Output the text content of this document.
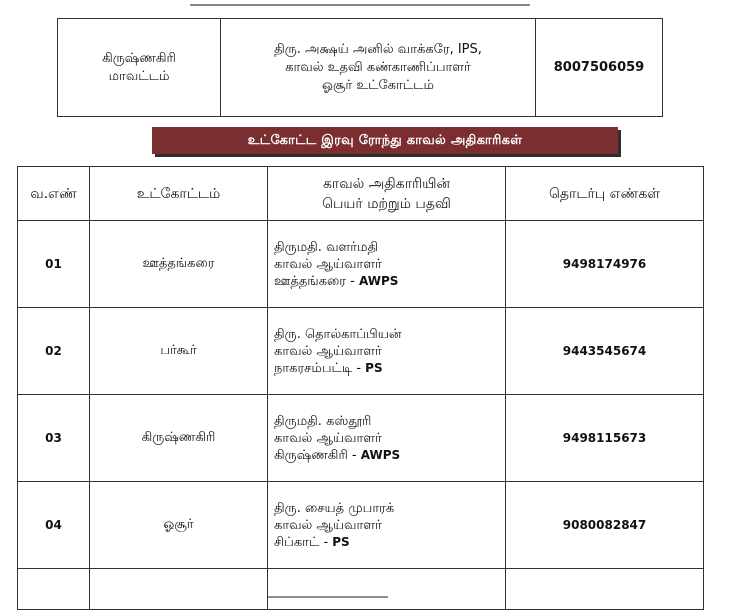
கிருஷ்ணகிரி
மாவட்டம்

திரு. அக்ஷய் அனில் வாக்கரே, IPS,
காவல் உதவி கண்காணிப்பாளர்
ஓசூர் உட்கோட்டம்
	8007506059
உட்கோட்ட இரவு ரோந்து காவல் அதிகாரிகள்
வ.எண்	உட்கோட்டம்	காவல் அதிகாரியின்
பெயர் மற்றும் பதவி	தொடர்பு எண்கள்
01	ஊத்தங்கரை	திருமதி. வளர்மதி
காவல் ஆய்வாளர்
ஊத்தங்கரை - AWPS	9498174976
02	பர்கூர்	திரு. தொல்காப்பியன்
காவல் ஆய்வாளர்
நாகரசம்பட்டி - PS	9443545674
03	கிருஷ்ணகிரி	திருமதி. கஸ்தூரி
காவல் ஆய்வாளர்
கிருஷ்ணகிரி - AWPS	9498115673
04	ஓசூர்	திரு. சையத் முபாரக்
காவல் ஆய்வாளர்
சிப்காட் - PS	9080082847
